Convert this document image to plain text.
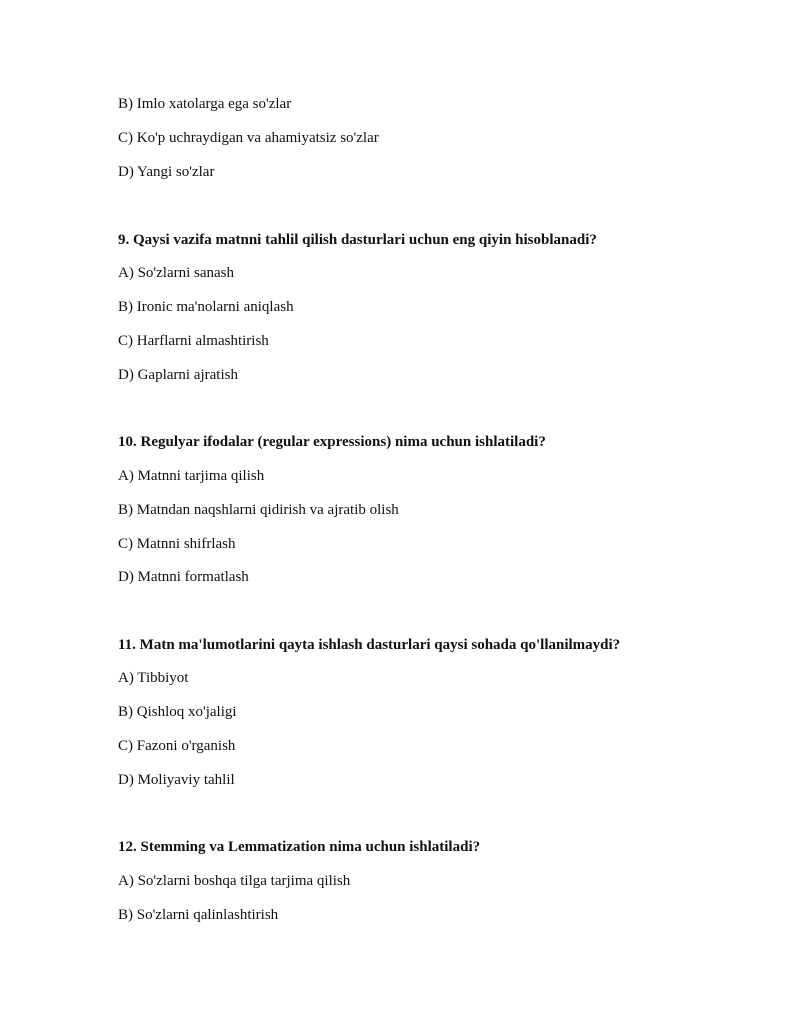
B) Imlo xatolarga ega so'zlar
C) Ko'p uchraydigan va ahamiyatsiz so'zlar
D) Yangi so'zlar
9. Qaysi vazifa matnni tahlil qilish dasturlari uchun eng qiyin hisoblanadi?
A) So'zlarni sanash
B) Ironic ma'nolarni aniqlash
C) Harflarni almashtirish
D) Gaplarni ajratish
10. Regulyar ifodalar (regular expressions) nima uchun ishlatiladi?
A) Matnni tarjima qilish
B) Matndan naqshlarni qidirish va ajratib olish
C) Matnni shifrlash
D) Matnni formatlash
11. Matn ma'lumotlarini qayta ishlash dasturlari qaysi sohada qo'llanilmaydi?
A) Tibbiyot
B) Qishloq xo'jaligi
C) Fazoni o'rganish
D) Moliyaviy tahlil
12. Stemming va Lemmatization nima uchun ishlatiladi?
A) So'zlarni boshqa tilga tarjima qilish
B) So'zlarni qalinlashtirish
